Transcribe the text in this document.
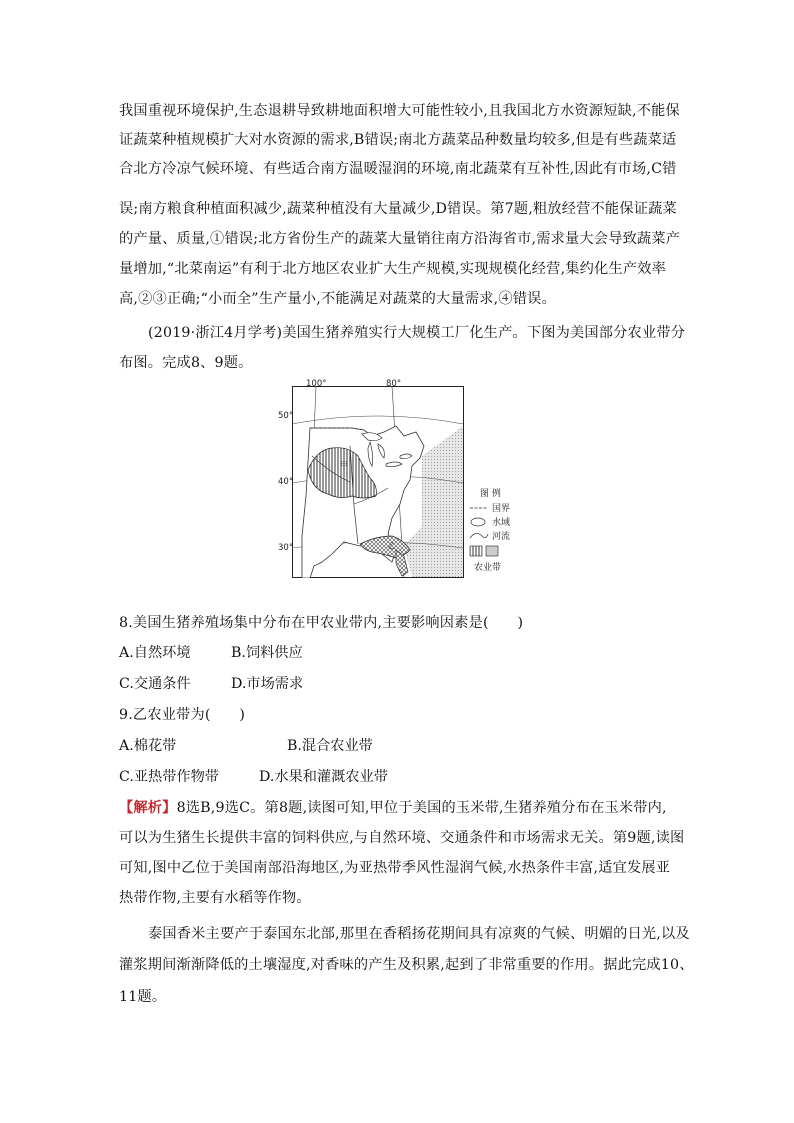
我国重视环境保护,生态退耕导致耕地面积增大可能性较小,且我国北方水资源短缺,不能保
证蔬菜种植规模扩大对水资源的需求,B错误;南北方蔬菜品种数量均较多,但是有些蔬菜适
合北方冷凉气候环境、有些适合南方温暖湿润的环境,南北蔬菜有互补性,因此有市场,C错
误;南方粮食种植面积减少,蔬菜种植没有大量减少,D错误。第7题,粗放经营不能保证蔬菜
的产量、质量,①错误;北方省份生产的蔬菜大量销往南方沿海省市,需求量大会导致蔬菜产
量增加,“北菜南运”有利于北方地区农业扩大生产规模,实现规模化经营,集约化生产效率
高,②③正确;“小而全”生产量小,不能满足对蔬菜的大量需求,④错误。
(2019·浙江4月学考)美国生猪养殖实行大规模工厂化生产。下图为美国部分农业带分
布图。完成8、9题。
甲
乙
50°
40°
30°
100°	80°
图 例
国界
水域
河流
农业带
8.美国生猪养殖场集中分布在甲农业带内,主要影响因素是(　　)
A.自然环境	B.饲料供应
C.交通条件	D.市场需求
9.乙农业带为(　　)
A.棉花带	B.混合农业带
C.亚热带作物带	D.水果和灌溉农业带
【解析】8选B,9选C。第8题,读图可知,甲位于美国的玉米带,生猪养殖分布在玉米带内,
可以为生猪生长提供丰富的饲料供应,与自然环境、交通条件和市场需求无关。第9题,读图
可知,图中乙位于美国南部沿海地区,为亚热带季风性湿润气候,水热条件丰富,适宜发展亚
热带作物,主要有水稻等作物。
泰国香米主要产于泰国东北部,那里在香稻扬花期间具有凉爽的气候、明媚的日光,以及
灌浆期间渐渐降低的土壤湿度,对香味的产生及积累,起到了非常重要的作用。据此完成10、
11题。
